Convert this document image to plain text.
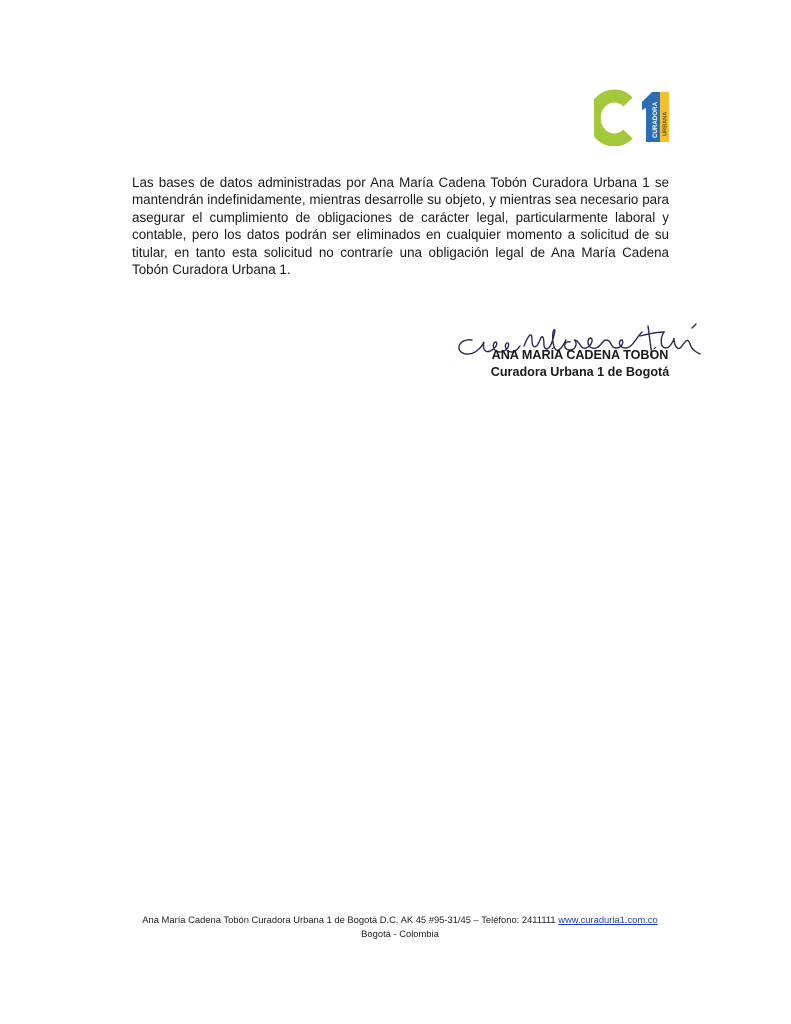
CURADORA URBANA

Las bases de datos administradas por Ana María Cadena Tobón Curadora Urbana 1 se mantendrán indefinidamente, mientras desarrolle su objeto, y mientras sea necesario para asegurar el cumplimiento de obligaciones de carácter legal, particularmente laboral y contable, pero los datos podrán ser eliminados en cualquier momento a solicitud de su titular, en tanto esta solicitud no contraríe una obligación legal de Ana María Cadena Tobón Curadora Urbana 1.

ANA MARÍA CADENA TOBÓN

Curadora Urbana 1 de Bogotá

Ana María Cadena Tobón Curadora Urbana 1 de Bogotá D.C. AK 45 #95-31/45 – Teléfono: 2411111 www.curaduria1.com.co

Bogotá - Colombia
